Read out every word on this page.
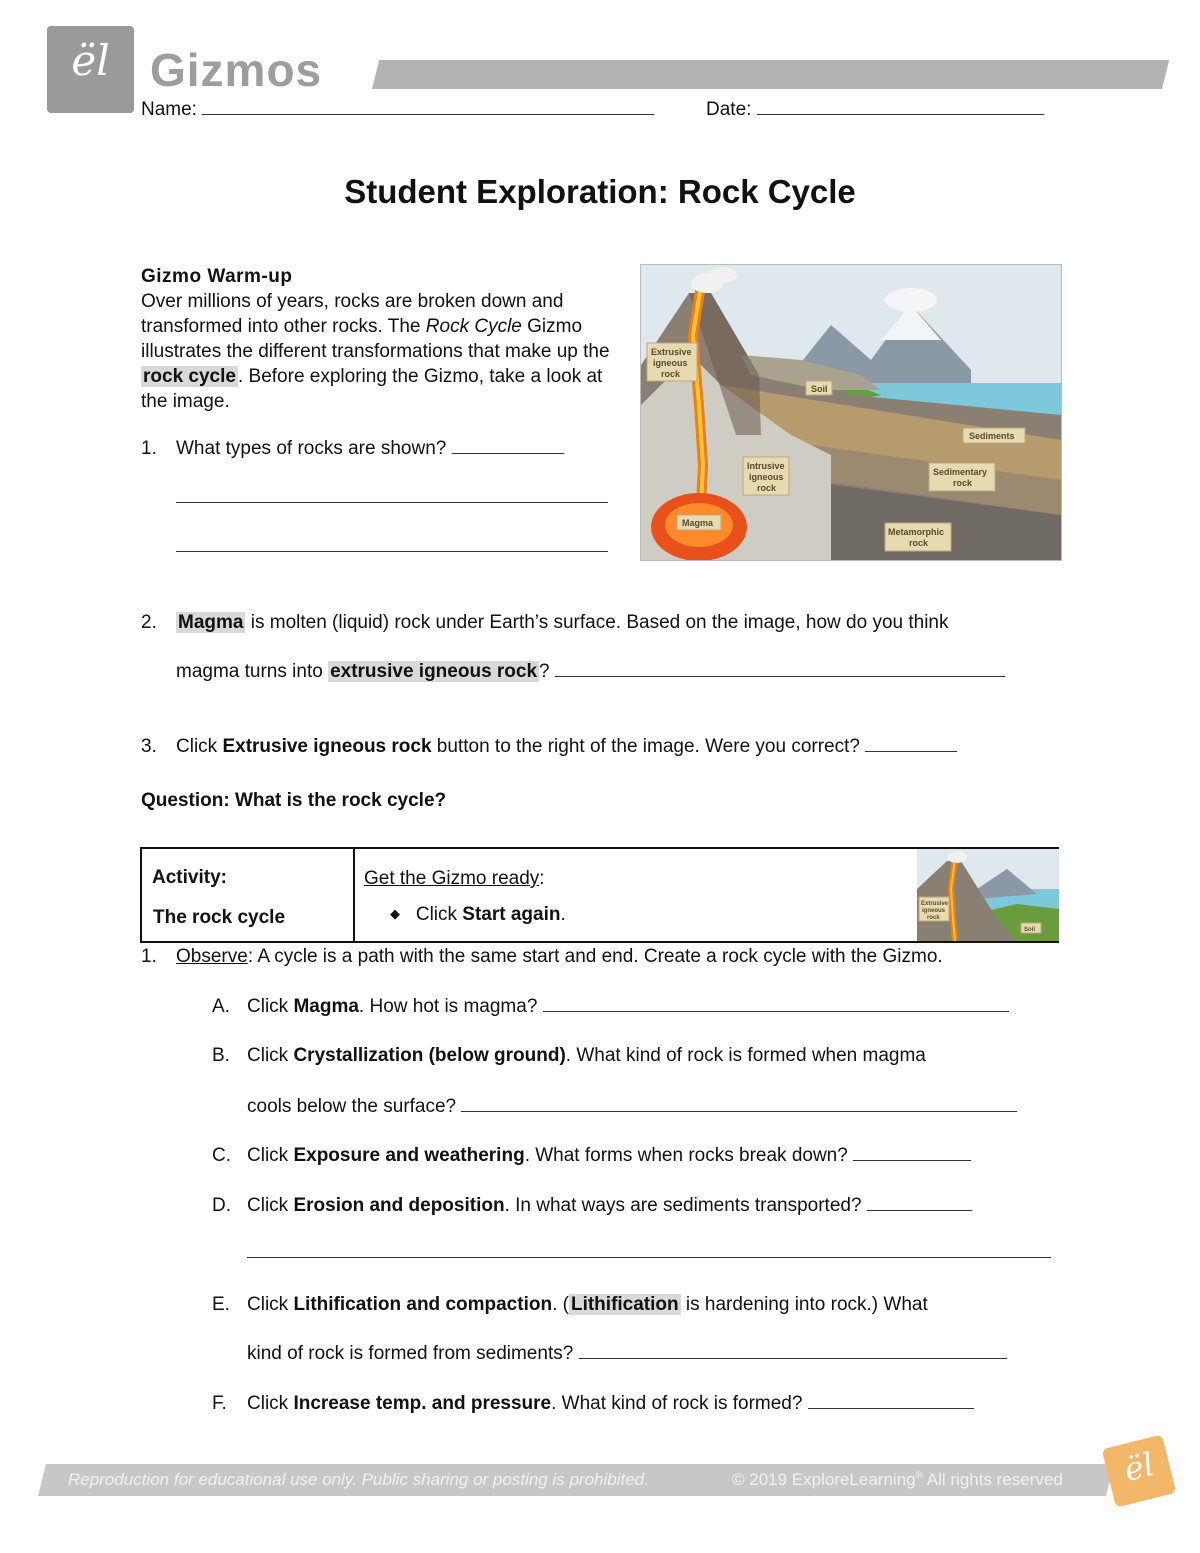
ël Gizmos
Name:	Date:
Student Exploration: Rock Cycle
Gizmo Warm-up
Over millions of years, rocks are broken down and transformed into other rocks. The Rock Cycle Gizmo illustrates the different transformations that make up the rock cycle . Before exploring the Gizmo, take a look at the image.
Extrusive
igneous
rock
Soil
Sediments
Intrusive
igneous
rock
Sedimentary
rock
Magma
Metamorphic
rock
1. What types of rocks are shown?
2. Magma is molten (liquid) rock under Earth’s surface. Based on the image, how do you think
magma turns into extrusive igneous rock ?
3. Click Extrusive igneous rock button to the right of the image. Were you correct?
Question: What is the rock cycle?
Activity:
The rock cycle
Get the Gizmo ready:
◆ Click Start again.	Extrusive
igneous
rock
Soil
1. Observe: A cycle is a path with the same start and end. Create a rock cycle with the Gizmo.
A. Click Magma. How hot is magma?
B. Click Crystallization (below ground). What kind of rock is formed when magma
cools below the surface?
C. Click Exposure and weathering. What forms when rocks break down?
D. Click Erosion and deposition. In what ways are sediments transported?
E. Click Lithification and compaction. ( Lithification is hardening into rock.) What
kind of rock is formed from sediments?
F. Click Increase temp. and pressure. What kind of rock is formed?
Reproduction for educational use only. Public sharing or posting is prohibited.	© 2019 ExploreLearning® All rights reserved	ël
